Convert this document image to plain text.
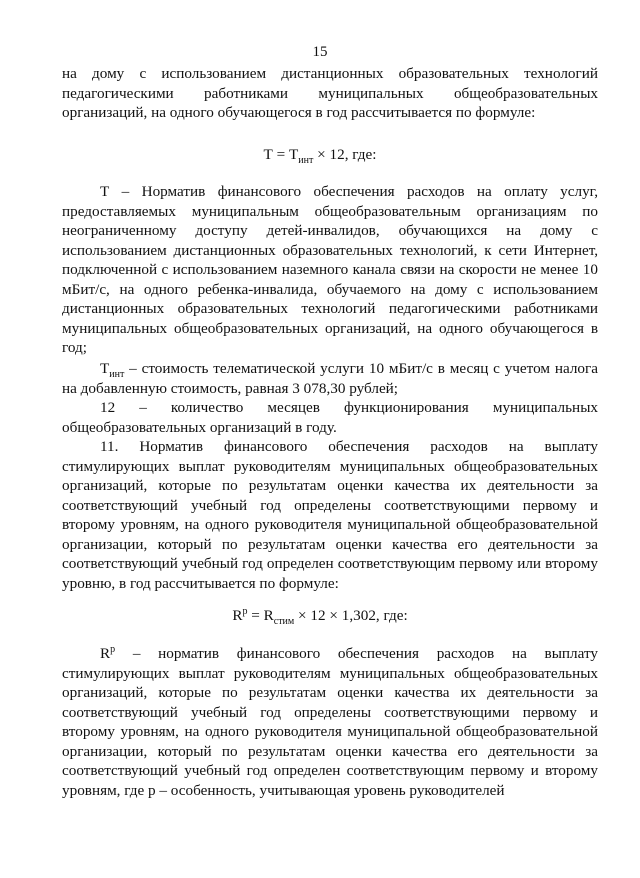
15

на дому с использованием дистанционных образовательных технологий педагогическими работниками муниципальных общеобразовательных организаций, на одного обучающегося в год рассчитывается по формуле:

$Т = Т_{инт} \times 12$, где:

Т – Норматив финансового обеспечения расходов на оплату услуг, предоставляемых муниципальным общеобразовательным организациям по неограниченному доступу детей-инвалидов, обучающихся на дому с использованием дистанционных образовательных технологий, к сети Интернет, подключенной с использованием наземного канала связи на скорости не менее 10 мБит/с, на одного ребенка-инвалида, обучаемого на дому с использованием дистанционных образовательных технологий педагогическими работниками муниципальных общеобразовательных организаций, на одного обучающегося в год;

$Т_{инт}$ – стоимость телематической услуги 10 мБит/с в месяц с учетом налога на добавленную стоимость, равная 3 078,30 рублей;

12 – количество месяцев функционирования муниципальных общеобразовательных организаций в году.

11. Норматив финансового обеспечения расходов на выплату стимулирующих выплат руководителям муниципальных общеобразовательных организаций, которые по результатам оценки качества их деятельности за соответствующий учебный год определены соответствующими первому и второму уровням, на одного руководителя муниципальной общеобразовательной организации, который по результатам оценки качества его деятельности за соответствующий учебный год определен соответствующим первому или второму уровню, в год рассчитывается по формуле:

$R^p = R_{стим} \times 12 \times 1,302$, где:

$R^p$ – норматив финансового обеспечения расходов на выплату стимулирующих выплат руководителям муниципальных общеобразовательных организаций, которые по результатам оценки качества их деятельности за соответствующий учебный год определены соответствующими первому и второму уровням, на одного руководителя муниципальной общеобразовательной организации, который по результатам оценки качества его деятельности за соответствующий учебный год определен соответствующим первому и второму уровням, где p – особенность, учитывающая уровень руководителей
